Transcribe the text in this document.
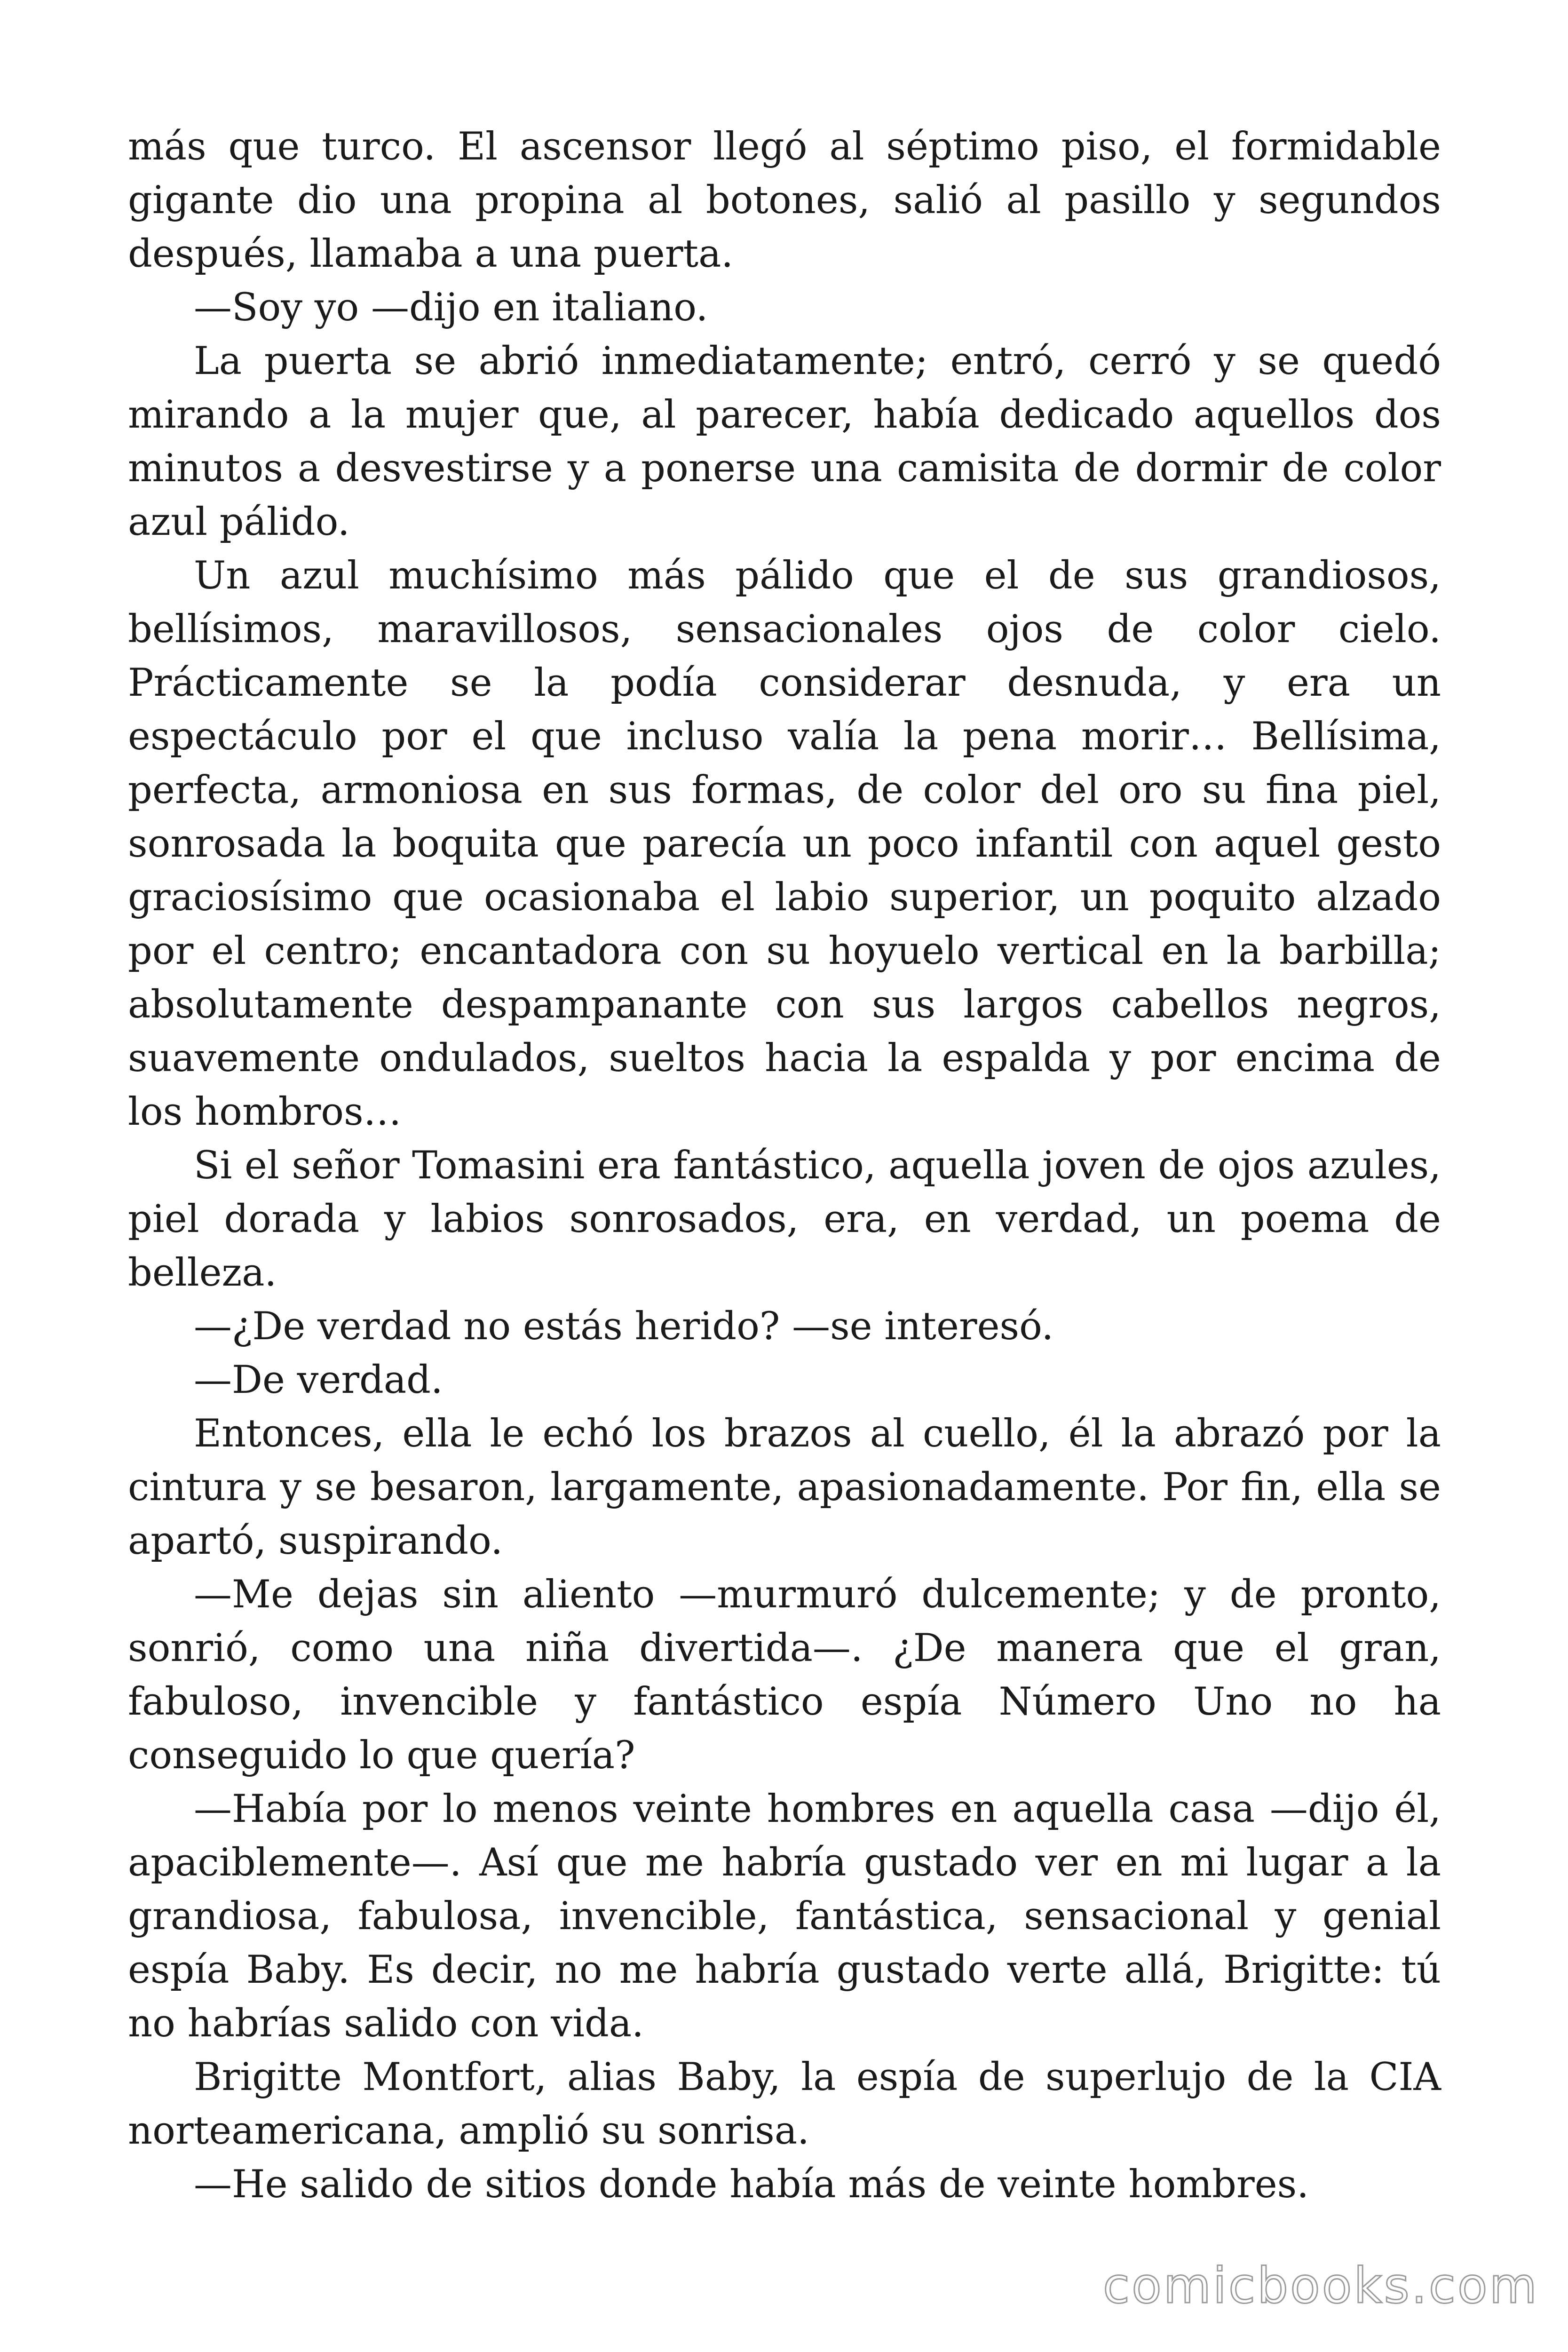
más que turco. El ascensor llegó al séptimo piso, el formidable gigante dio una propina al botones, salió al pasillo y segundos después, llamaba a una puerta.

—Soy yo —dijo en italiano.

La puerta se abrió inmediatamente; entró, cerró y se quedó mirando a la mujer que, al parecer, había dedicado aquellos dos minutos a desvestirse y a ponerse una camisita de dormir de color azul pálido.

Un azul muchísimo más pálido que el de sus grandiosos, bellísimos, maravillosos, sensacionales ojos de color cielo. Prácticamente se la podía considerar desnuda, y era un espectáculo por el que incluso valía la pena morir… Bellísima, perfecta, armoniosa en sus formas, de color del oro su fina piel, sonrosada la boquita que parecía un poco infantil con aquel gesto graciosísimo que ocasionaba el labio superior, un poquito alzado por el centro; encantadora con su hoyuelo vertical en la barbilla; absolutamente despampanante con sus largos cabellos negros, suavemente ondulados, sueltos hacia la espalda y por encima de los hombros…

Si el señor Tomasini era fantástico, aquella joven de ojos azules, piel dorada y labios sonrosados, era, en verdad, un poema de belleza.

—¿De verdad no estás herido? —se interesó.

—De verdad.

Entonces, ella le echó los brazos al cuello, él la abrazó por la cintura y se besaron, largamente, apasionadamente. Por fin, ella se apartó, suspirando.

—Me dejas sin aliento —murmuró dulcemente; y de pronto, sonrió, como una niña divertida—. ¿De manera que el gran, fabuloso, invencible y fantástico espía Número Uno no ha conseguido lo que quería?

—Había por lo menos veinte hombres en aquella casa —dijo él, apaciblemente—. Así que me habría gustado ver en mi lugar a la grandiosa, fabulosa, invencible, fantástica, sensacional y genial espía Baby. Es decir, no me habría gustado verte allá, Brigitte: tú no habrías salido con vida.

Brigitte Montfort, alias Baby, la espía de superlujo de la CIA norteamericana, amplió su sonrisa.

—He salido de sitios donde había más de veinte hombres.

comicbooks.com
